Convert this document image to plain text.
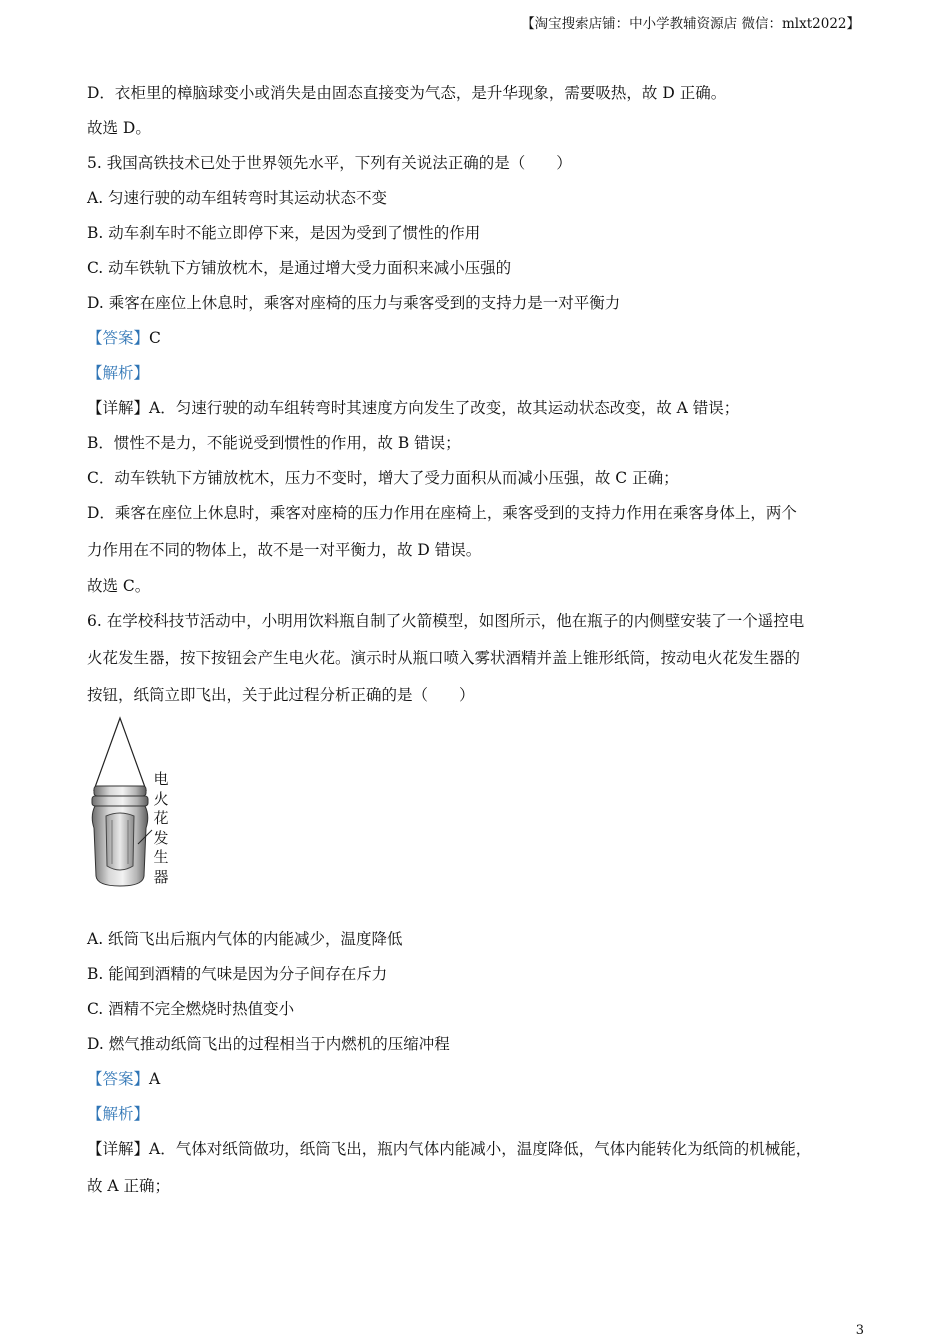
【淘宝搜索店铺：中小学教辅资源店 微信：mlxt2022】
D．衣柜里的樟脑球变小或消失是由固态直接变为气态，是升华现象，需要吸热，故 D 正确。
故选 D。
5. 我国高铁技术已处于世界领先水平，下列有关说法正确的是（　　）
A. 匀速行驶的动车组转弯时其运动状态不变
B. 动车刹车时不能立即停下来，是因为受到了惯性的作用
C. 动车铁轨下方铺放枕木，是通过增大受力面积来减小压强的
D. 乘客在座位上休息时，乘客对座椅的压力与乘客受到的支持力是一对平衡力
【答案】C
【解析】
【详解】A．匀速行驶的动车组转弯时其速度方向发生了改变，故其运动状态改变，故 A 错误；
B．惯性不是力，不能说受到惯性的作用，故 B 错误；
C．动车铁轨下方铺放枕木，压力不变时，增大了受力面积从而减小压强，故 C 正确；
D．乘客在座位上休息时，乘客对座椅的压力作用在座椅上，乘客受到的支持力作用在乘客身体上，两个
力作用在不同的物体上，故不是一对平衡力，故 D 错误。
故选 C。
6. 在学校科技节活动中，小明用饮料瓶自制了火箭模型，如图所示，他在瓶子的内侧壁安装了一个遥控电
火花发生器，按下按钮会产生电火花。演示时从瓶口喷入雾状酒精并盖上锥形纸筒，按动电火花发生器的
按钮，纸筒立即飞出，关于此过程分析正确的是（　　）
电火花发生器
A. 纸筒飞出后瓶内气体的内能减少，温度降低
B. 能闻到酒精的气味是因为分子间存在斥力
C. 酒精不完全燃烧时热值变小
D. 燃气推动纸筒飞出的过程相当于内燃机的压缩冲程
【答案】A
【解析】
【详解】A．气体对纸筒做功，纸筒飞出，瓶内气体内能减小，温度降低，气体内能转化为纸筒的机械能，
故 A 正确；
3
